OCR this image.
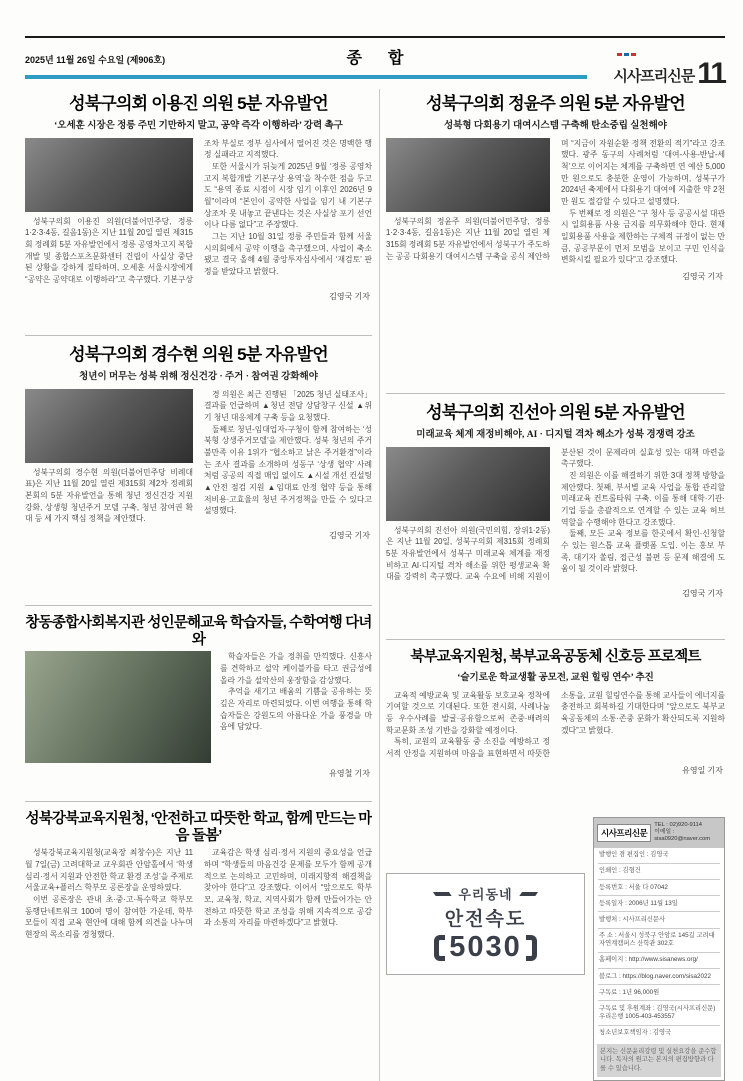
2025년 11월 26일 수요일 (제906호)	종합
시사프리신문 11
성북구의회 이용진 의원 5분 자유발언
‘오세훈 시장은 정릉 주민 기만하지 말고, 공약 즉각 이행하라’ 강력 촉구

성북구의회 이용진 의원(더불어민주당, 정릉1·2·3·4동, 길음1동)은 지난 11월 20일 열린 제315회 정례회 5분 자유발언에서 정릉 공영차고지 복합개발 및 종합스포츠문화센터 건립이 사실상 중단된 상황을 강하게 질타하며, 오세훈 서울시장에게 “공약은 공약대로 이행하라”고 촉구했다. 기본구상조차 부실로 정부 심사에서 떨어진 것은 명백한 행정 실패라고 지적했다.

또한 서울시가 뒤늦게 2025년 9월 ‘정릉 공영차고지 복합개발 기본구상 용역’을 착수한 점을 두고도 “용역 종료 시점이 시장 임기 이후인 2026년 9월”이라며 “본인이 공약한 사업을 임기 내 기본구상조차 못 내놓고 끝낸다는 것은 사실상 포기 선언이나 다름 없다”고 주장했다.

그는 지난 10월 31일 정릉 주민들과 함께 서울시의회에서 공약 이행을 촉구했으며, 사업이 축소됐고 결국 올해 4월 중앙투자심사에서 ‘재검토’ 판정을 받았다고 밝혔다.

김영국 기자
성북구의회 경수현 의원 5분 자유발언
청년이 머무는 성북 위해 정신건강 · 주거 · 참여권 강화해야

성북구의회 경수현 의원(더불어민주당 비례대표)은 지난 11월 20일 열린 제315회 제2차 정례회 본회의 5분 자유발언을 통해 청년 정신건강 지원 강화, 상생형 청년주거 모델 구축, 청년 참여권 확대 등 세 가지 핵심 정책을 제안했다.

경 의원은 최근 진행된 「2025 청년 실태조사」 결과를 언급하며 ▲청년 전담 상담창구 신설 ▲위기 청년 대응체계 구축 등을 요청했다.

둘째로 청년-임대업자-구청이 함께 참여하는 ‘성북형 상생주거모델’을 제안했다. 성북 청년의 주거 불만족 이유 1위가 “협소하고 낡은 주거환경”이라는 조사 결과를 소개하며 성동구 ‘상생 협약’ 사례처럼 공공의 직접 매입 없이도 ▲시설 개선 컨설팅 ▲안전 점검 지원 ▲임대료 안정 협약 등을 통해 저비용·고효율의 청년 주거정책을 만들 수 있다고 설명했다.

김영국 기자
창동종합사회복지관 성인문해교육 학습자들, 수학여행 다녀와

학습자들은 가을 정취를 만끽했다. 신흥사를 견학하고 설악 케이블카를 타고 권금성에 올라 가을 설악산의 웅장함을 감상했다.

추억을 새기고 배움의 기쁨을 공유하는 뜻깊은 자리로 마련되었다. 이번 여행을 통해 학습자들은 강원도의 아름다운 가을 풍경을 마음에 담았다.

유영철 기자
성북강북교육지원청, ‘안전하고 따뜻한 학교, 함께 만드는 마음 돌봄’

성북강북교육지원청(교육장 최창수)은 지난 11월 7일(금) 고려대학교 교우회관 안암홀에서 ‘학생 심리·정서 지원과 안전한 학교 환경 조성’을 주제로 서울교육+플러스 학부모 공론장을 운영하였다.

이번 공론장은 관내 초·중·고·특수학교 학부모 동행단네트워크 100여 명이 참여한 가운데, 학부모들이 직접 교육 현안에 대해 함께 의견을 나누며 현장의 목소리를 경청했다.

교육감은 학생 심리·정서 지원의 중요성을 언급하며 “학생들의 마음건강 문제를 모두가 함께 공개적으로 논의하고 고민하며, 미래지향적 해결책을 찾아야 한다”고 강조했다. 이어서 “앞으로도 학부모, 교육청, 학교, 지역사회가 함께 만들어가는 안전하고 따뜻한 학교 조성을 위해 지속적으로 공감과 소통의 자리를 마련하겠다”고 밝혔다.

성북구의회 정윤주 의원 5분 자유발언
성북형 다회용기 대여시스템 구축해 탄소중립 실천해야

성북구의회 정윤주 의원(더불어민주당, 정릉1·2·3·4동, 길음1동)은 지난 11월 20일 열린 제315회 정례회 5분 자유발언에서 성북구가 주도하는 공공 다회용기 대여시스템 구축을 공식 제안하며 “지금이 자원순환 정책 전환의 적기”라고 강조했다. 광주 동구의 사례처럼 ‘대여-사용-반납-세척’으로 이어지는 체계를 구축하면 연 예산 5,000만 원으로도 충분한 운영이 가능하며, 성북구가 2024년 축제에서 다회용기 대여에 지출한 약 2천만 원도 절감할 수 있다고 설명했다.

두 번째로 정 의원은 “구 청사 등 공공시설 대관 시 일회용품 사용 금지를 의무화해야 한다. 현재 일회용품 사용을 제한하는 구체적 규정이 없는 만큼, 공공부문이 먼저 모범을 보이고 구민 인식을 변화시킬 필요가 있다”고 강조했다.

김영국 기자
성북구의회 진선아 의원 5분 자유발언
미래교육 체계 재정비해야, AI · 디지털 격차 해소가 성북 경쟁력 강조

성북구의회 진선아 의원(국민의힘, 장위1·2동)은 지난 11월 20일, 성북구의회 제315회 정례회 5분 자유발언에서 성북구 미래교육 체계를 재정비하고 AI·디지털 격차 해소를 위한 평생교육 확대를 강력히 촉구했다. 교육 수요에 비해 지원이 분산된 것이 문제라며 실효성 있는 대책 마련을 촉구했다.

진 의원은 이를 해결하기 위한 3대 정책 방향을 제안했다. 첫째, 부서별 교육 사업을 통합 관리할 미래교육 컨트롤타워 구축. 이를 통해 대학·기관·기업 등을 총괄적으로 연계할 수 있는 교육 허브 역할을 수행해야 한다고 강조했다.

둘째, 모든 교육 정보를 한곳에서 확인·신청할 수 있는 원스톱 교육 플랫폼 도입. 이는 홍보 부족, 대기자 쏠림, 접근성 불편 등 문제 해결에 도움이 될 것이라 밝혔다.

김영국 기자
북부교육지원청, 북부교육공동체 신호등 프로젝트
‘슬기로운 학교생활 공모전, 교원 힐링 연수’ 추진

교육적 예방교육 및 교육활동 보호교육 정착에 기여할 것으로 기대된다. 또한 전시회, 사례나눔 등 우수사례를 발굴·공유함으로써 존중·배려의 학교문화 조성 기반을 강화할 예정이다.

특히, 교원의 교육활동 중 소진을 예방하고 정서적 안정을 지원하며 마음을 표현하면서 따뜻한 소통을, 교원 힐링연수를 통해 교사들이 에너지를 충전하고 회복하길 기대한다며 “앞으로도 북부교육공동체의 소통·존중 문화가 확산되도록 지원하겠다”고 밝혔다.

유영일 기자
우리동네
안전속도
5030
시사프리신문
TEL : 02)920-9114
이메일 : sisa0920@naver.com
발행인 겸 편집인 : 김영국
인쇄인 : 김형건
등록번호 : 서울 다 07042
등록일자 : 2006년 11월 13일
발행처 : 시사프리신문사
주 소 : 서울시 성북구 안암로 145길 고려대 자연계캠퍼스 산학관 302호
홈페이지 : http://www.sisanews.org/
블로그 : https://blog.naver.com/sisa2022
구독료 : 1년 96,000원
구독료 및 후원계좌 : 김영국(시사프리신문) 우리은행 1005-403-453557
청소년보호책임자 : 김영국
본지는 신문윤리강령 및 실천요강을 준수합니다. 독자의 원고는 본지의 편집방향과 다를 수 있습니다.
